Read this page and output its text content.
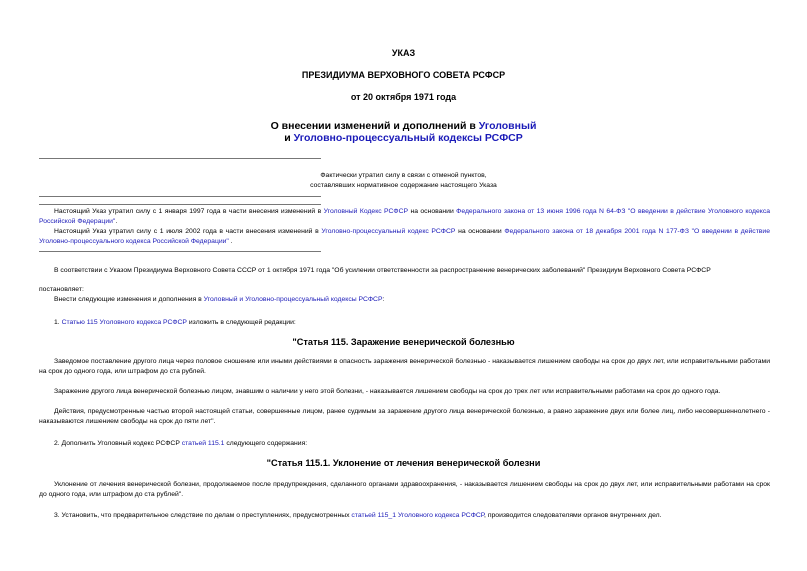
УКАЗ
ПРЕЗИДИУМА ВЕРХОВНОГО СОВЕТА РСФСР
от 20 октября 1971 года
О внесении изменений и дополнений в Уголовный
и Уголовно-процессуальный кодексы РСФСР
Фактически утратил силу в связи с отменой пунктов,
составлявших нормативное содержание настоящего Указа
Настоящий Указ утратил силу с 1 января 1997 года в части внесения изменений в Уголовный Кодекс РСФСР на основании Федерального закона от 13 июня 1996 года N 64-ФЗ "О введении в действие Уголовного кодекса Российской Федерации".
Настоящий Указ утратил силу с 1 июля 2002 года в части внесения изменений в Уголовно-процессуальный кодекс РСФСР на основании Федерального закона от 18 декабря 2001 года N 177-ФЗ "О введении в действие Уголовно-процессуального кодекса Российской Федерации" .
В соответствии с Указом Президиума Верховного Совета СССР от 1 октября 1971 года "Об усилении ответственности за распространение венерических заболеваний" Президиум Верховного Совета РСФСР
постановляет:
Внести следующие изменения и дополнения в Уголовный и Уголовно-процессуальный кодексы РСФСР:
1. Статью 115 Уголовного кодекса РСФСР изложить в следующей редакции:
"Статья 115. Заражение венерической болезнью
Заведомое поставление другого лица через половое сношение или иными действиями в опасность заражения венерической болезнью - наказывается лишением свободы на срок до двух лет, или исправительными работами на срок до одного года, или штрафом до ста рублей.
Заражение другого лица венерической болезнью лицом, знавшим о наличии у него этой болезни, - наказывается лишением свободы на срок до трех лет или исправительными работами на срок до одного года.
Действия, предусмотренные частью второй настоящей статьи, совершенные лицом, ранее судимым за заражение другого лица венерической болезнью, а равно заражение двух или более лиц, либо несовершеннолетнего - наказываются лишением свободы на срок до пяти лет".
2. Дополнить Уголовный кодекс РСФСР статьей 115.1 следующего содержания:
"Статья 115.1. Уклонение от лечения венерической болезни
Уклонение от лечения венерической болезни, продолжаемое после предупреждения, сделанного органами здравоохранения, - наказывается лишением свободы на срок до двух лет, или исправительными работами на срок до одного года, или штрафом до ста рублей".
3. Установить, что предварительное следствие по делам о преступлениях, предусмотренных статьей 115_1 Уголовного кодекса РСФСР, производится следователями органов внутренних дел.
